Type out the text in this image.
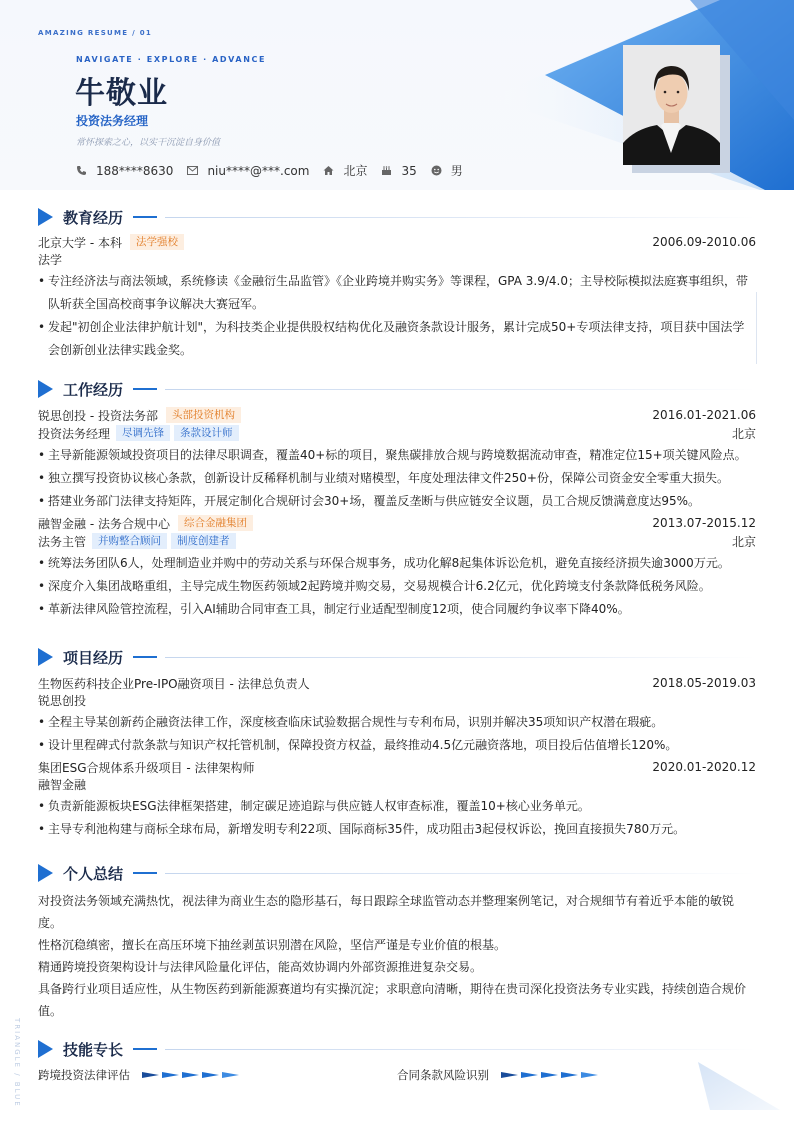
AMAZING RESUME / 01
NAVIGATE · EXPLORE · ADVANCE
牛敬业
投资法务经理
常怀探索之心，以实干沉淀自身价值
188****8630	niu****@***.com	北京	35	男
教育经历
北京大学 - 本科	法学强校	2006.09-2010.06
法学
• 专注经济法与商法领域，系统修读《金融衍生品监管》《企业跨境并购实务》等课程，GPA 3.9/4.0；主导校际模拟法庭赛事组织，带队斩获全国高校商事争议解决大赛冠军。
• 发起"初创企业法律护航计划"，为科技类企业提供股权结构优化及融资条款设计服务，累计完成50+专项法律支持，项目获中国法学会创新创业法律实践金奖。
工作经历
锐思创投 - 投资法务部	头部投资机构	2016.01-2021.06
投资法务经理	尽调先锋	条款设计师	北京
• 主导新能源领域投资项目的法律尽职调查，覆盖40+标的项目，聚焦碳排放合规与跨境数据流动审查，精准定位15+项关键风险点。
• 独立撰写投资协议核心条款，创新设计反稀释机制与业绩对赌模型，年度处理法律文件250+份，保障公司资金安全零重大损失。
• 搭建业务部门法律支持矩阵，开展定制化合规研讨会30+场，覆盖反垄断与供应链安全议题，员工合规反馈满意度达95%。
融智金融 - 法务合规中心	综合金融集团	2013.07-2015.12
法务主管	并购整合顾问	制度创建者	北京
• 统筹法务团队6人，处理制造业并购中的劳动关系与环保合规事务，成功化解8起集体诉讼危机，避免直接经济损失逾3000万元。
• 深度介入集团战略重组，主导完成生物医药领域2起跨境并购交易，交易规模合计6.2亿元，优化跨境支付条款降低税务风险。
• 革新法律风险管控流程，引入AI辅助合同审查工具，制定行业适配型制度12项，使合同履约争议率下降40%。
项目经历
生物医药科技企业Pre-IPO融资项目 - 法律总负责人	2018.05-2019.03
锐思创投
• 全程主导某创新药企融资法律工作，深度核查临床试验数据合规性与专利布局，识别并解决35项知识产权潜在瑕疵。
• 设计里程碑式付款条款与知识产权托管机制，保障投资方权益，最终推动4.5亿元融资落地，项目投后估值增长120%。
集团ESG合规体系升级项目 - 法律架构师	2020.01-2020.12
融智金融
• 负责新能源板块ESG法律框架搭建，制定碳足迹追踪与供应链人权审查标准，覆盖10+核心业务单元。
• 主导专利池构建与商标全球布局，新增发明专利22项、国际商标35件，成功阻击3起侵权诉讼，挽回直接损失780万元。
个人总结

对投资法务领域充满热忱，视法律为商业生态的隐形基石，每日跟踪全球监管动态并整理案例笔记，对合规细节有着近乎本能的敏锐度。

性格沉稳缜密，擅长在高压环境下抽丝剥茧识别潜在风险，坚信严谨是专业价值的根基。

精通跨境投资架构设计与法律风险量化评估，能高效协调内外部资源推进复杂交易。

具备跨行业项目适应性，从生物医药到新能源赛道均有实操沉淀；求职意向清晰，期待在贵司深化投资法务专业实践，持续创造合规价值。

技能专长
跨境投资法律评估	合同条款风险识别
TRIANGLE / BLUE
